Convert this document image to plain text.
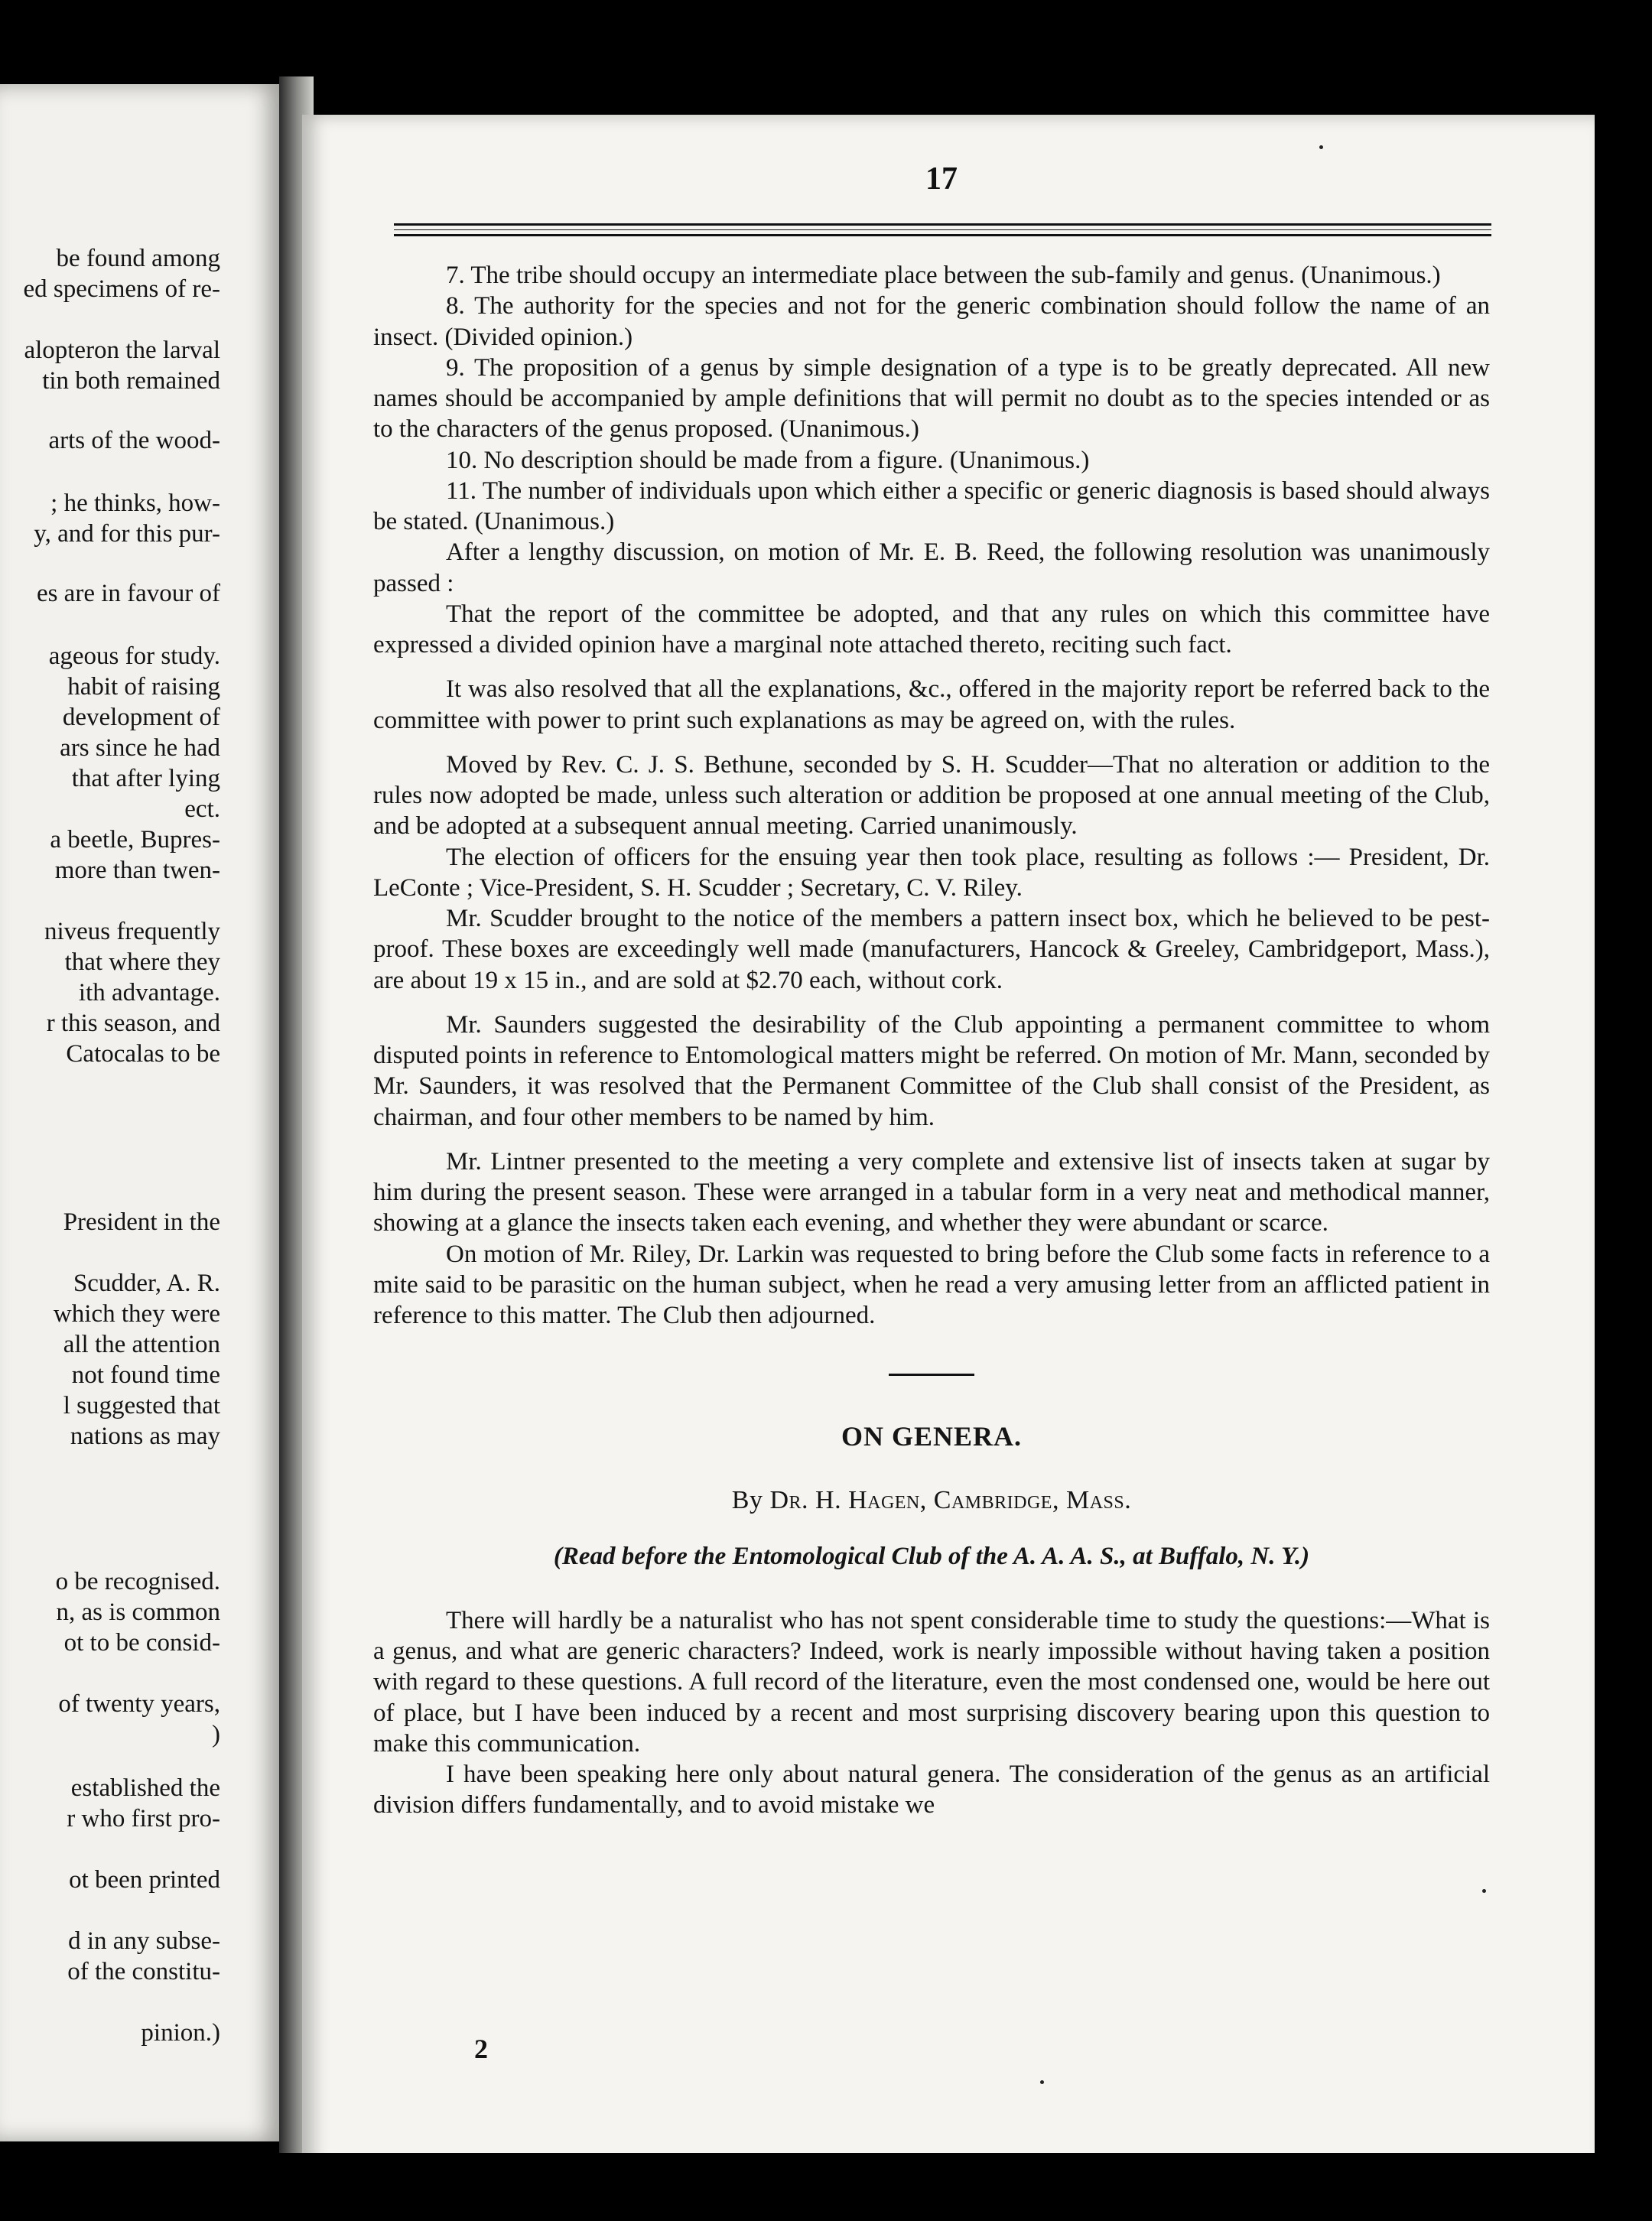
be found among
ed specimens of re-
alopteron the larval
tin both remained
arts of the wood-
; he thinks, how-
y, and for this pur-
es are in favour of
ageous for study.
habit of raising
development of
ars since he had
that after lying
ect.
a beetle, Bupres-
more than twen-
niveus frequently
that where they
ith advantage.
r this season, and
Catocalas to be
President in the
Scudder, A. R.
which they were
all the attention
not found time
l suggested that
nations as may
o be recognised.
n, as is common
ot to be consid-
of twenty years,
)
established the
r who first pro-
ot been printed
d in any subse-
of the constitu-
pinion.)
17

7. The tribe should occupy an intermediate place between the sub-family and genus. (Unanimous.)

8. The authority for the species and not for the generic combination should follow the name of an insect. (Divided opinion.)

9. The proposition of a genus by simple designation of a type is to be greatly deprecated. All new names should be accompanied by ample definitions that will permit no doubt as to the species intended or as to the characters of the genus proposed. (Unanimous.)

10. No description should be made from a figure. (Unanimous.)

11. The number of individuals upon which either a specific or generic diagnosis is based should always be stated. (Unanimous.)

After a lengthy discussion, on motion of Mr. E. B. Reed, the following resolution was unanimously passed :

That the report of the committee be adopted, and that any rules on which this committee have expressed a divided opinion have a marginal note attached thereto, reciting such fact.

It was also resolved that all the explanations, &c., offered in the majority report be referred back to the committee with power to print such explanations as may be agreed on, with the rules.

Moved by Rev. C. J. S. Bethune, seconded by S. H. Scudder—That no alteration or addition to the rules now adopted be made, unless such alteration or addition be proposed at one annual meeting of the Club, and be adopted at a subsequent annual meeting. Carried unanimously.

The election of officers for the ensuing year then took place, resulting as follows :— President, Dr. LeConte ; Vice-President, S. H. Scudder ; Secretary, C. V. Riley.

Mr. Scudder brought to the notice of the members a pattern insect box, which he believed to be pest-proof. These boxes are exceedingly well made (manufacturers, Hancock & Greeley, Cambridgeport, Mass.), are about 19 x 15 in., and are sold at $2.70 each, without cork.

Mr. Saunders suggested the desirability of the Club appointing a permanent committee to whom disputed points in reference to Entomological matters might be referred. On motion of Mr. Mann, seconded by Mr. Saunders, it was resolved that the Permanent Committee of the Club shall consist of the President, as chairman, and four other members to be named by him.

Mr. Lintner presented to the meeting a very complete and extensive list of insects taken at sugar by him during the present season. These were arranged in a tabular form in a very neat and methodical manner, showing at a glance the insects taken each evening, and whether they were abundant or scarce.

On motion of Mr. Riley, Dr. Larkin was requested to bring before the Club some facts in reference to a mite said to be parasitic on the human subject, when he read a very amusing letter from an afflicted patient in reference to this matter. The Club then adjourned.

ON GENERA.
By Dr. H. Hagen, Cambridge, Mass.
(Read before the Entomological Club of the A. A. A. S., at Buffalo, N. Y.)

There will hardly be a naturalist who has not spent considerable time to study the questions:—What is a genus, and what are generic characters? Indeed, work is nearly impossible without having taken a position with regard to these questions. A full record of the literature, even the most condensed one, would be here out of place, but I have been induced by a recent and most surprising discovery bearing upon this question to make this communication.

I have been speaking here only about natural genera. The consideration of the genus as an artificial division differs fundamentally, and to avoid mistake we

2
